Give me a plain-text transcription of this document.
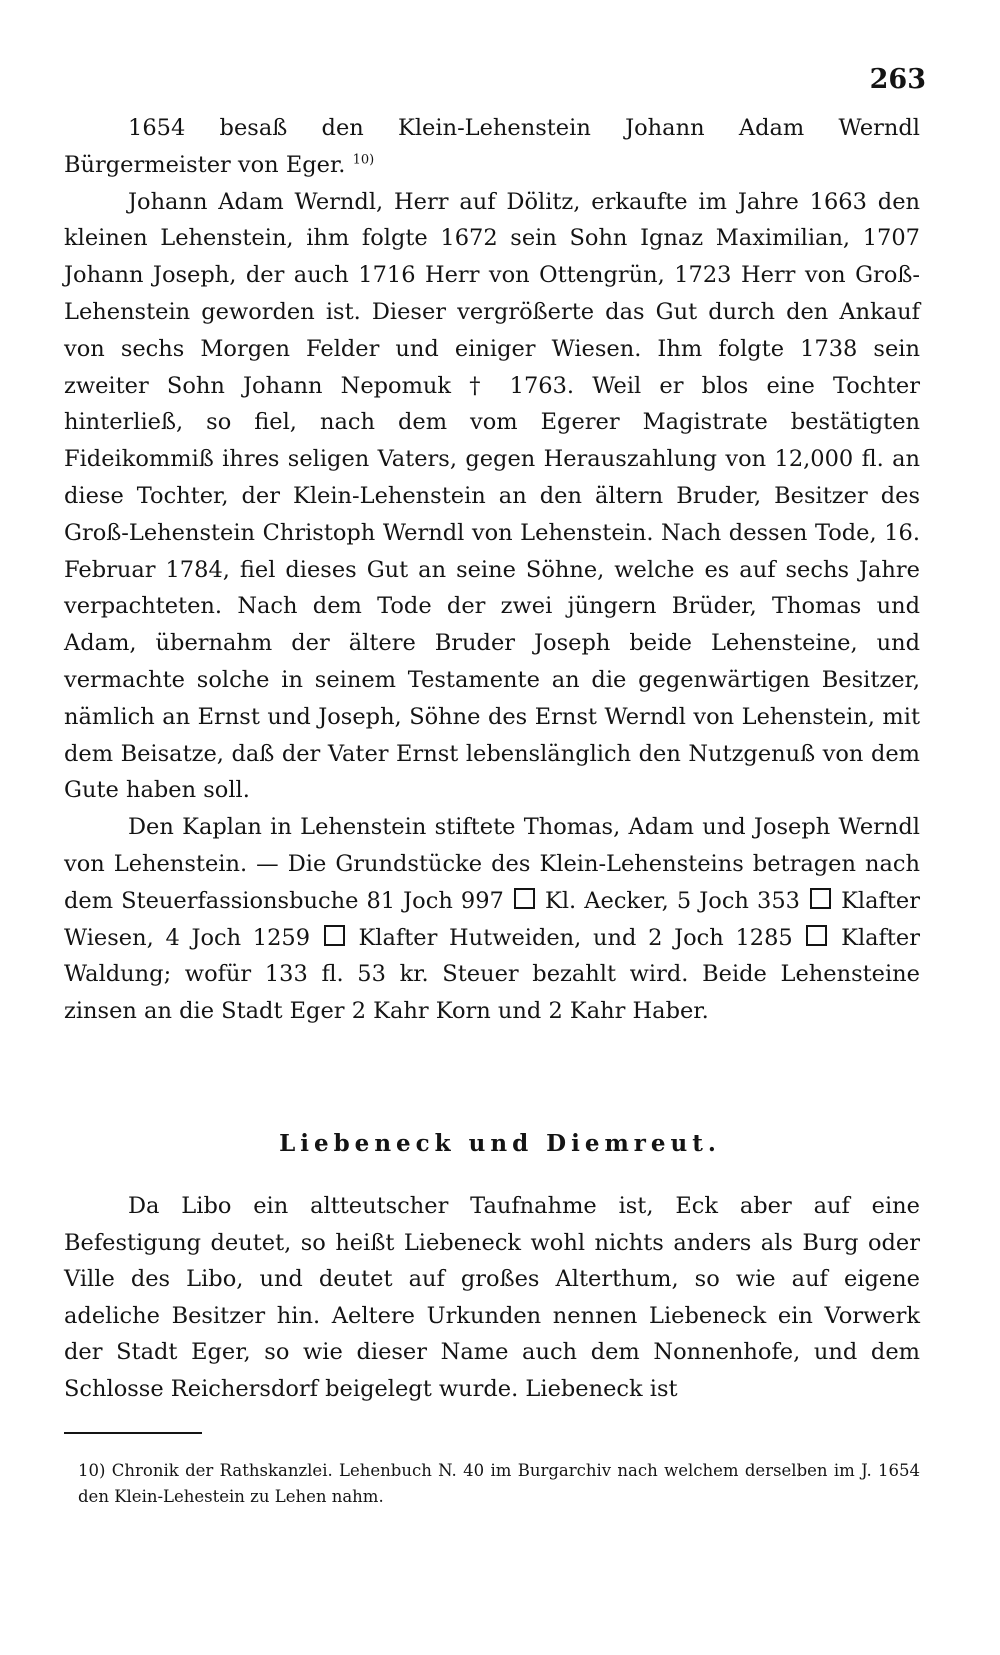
263

1654 besaß den Klein-Lehenstein Johann Adam Werndl Bürgermeister von Eger. $^{10)}$

Johann Adam Werndl, Herr auf Dölitz, erkaufte im Jahre 1663 den kleinen Lehenstein, ihm folgte 1672 sein Sohn Ignaz Maximilian, 1707 Johann Joseph, der auch 1716 Herr von Ottengrün, 1723 Herr von Groß-Lehenstein geworden ist. Dieser vergrößerte das Gut durch den Ankauf von sechs Morgen Felder und einiger Wiesen. Ihm folgte 1738 sein zweiter Sohn Johann Nepomuk † 1763. Weil er blos eine Tochter hinterließ, so fiel, nach dem vom Egerer Magistrate bestätigten Fideikommiß ihres seligen Vaters, gegen Herauszahlung von 12,000 fl. an diese Tochter, der Klein-Lehenstein an den ältern Bruder, Besitzer des Groß-Lehenstein Christoph Werndl von Lehenstein. Nach dessen Tode, 16. Februar 1784, fiel dieses Gut an seine Söhne, welche es auf sechs Jahre verpachteten. Nach dem Tode der zwei jüngern Brüder, Thomas und Adam, übernahm der ältere Bruder Joseph beide Lehensteine, und vermachte solche in seinem Testamente an die gegenwärtigen Besitzer, nämlich an Ernst und Joseph, Söhne des Ernst Werndl von Lehenstein, mit dem Beisatze, daß der Vater Ernst lebenslänglich den Nutzgenuß von dem Gute haben soll.

Den Kaplan in Lehenstein stiftete Thomas, Adam und Joseph Werndl von Lehenstein. — Die Grundstücke des Klein-Lehensteins betragen nach dem Steuerfassionsbuche 81 Joch 997 Kl. Aecker, 5 Joch 353 Klafter Wiesen, 4 Joch 1259 Klafter Hutweiden, und 2 Joch 1285 Klafter Waldung; wofür 133 fl. 53 kr. Steuer bezahlt wird. Beide Lehensteine zinsen an die Stadt Eger 2 Kahr Korn und 2 Kahr Haber.

Liebeneck und Diemreut.

Da Libo ein altteutscher Taufnahme ist, Eck aber auf eine Befestigung deutet, so heißt Liebeneck wohl nichts anders als Burg oder Ville des Libo, und deutet auf großes Alterthum, so wie auf eigene adeliche Besitzer hin. Aeltere Urkunden nennen Liebeneck ein Vorwerk der Stadt Eger, so wie dieser Name auch dem Nonnenhofe, und dem Schlosse Reichersdorf beigelegt wurde. Liebeneck ist

10) Chronik der Rathskanzlei. Lehenbuch N. 40 im Burgarchiv nach welchem derselben im J. 1654 den Klein-Lehestein zu Lehen nahm.
